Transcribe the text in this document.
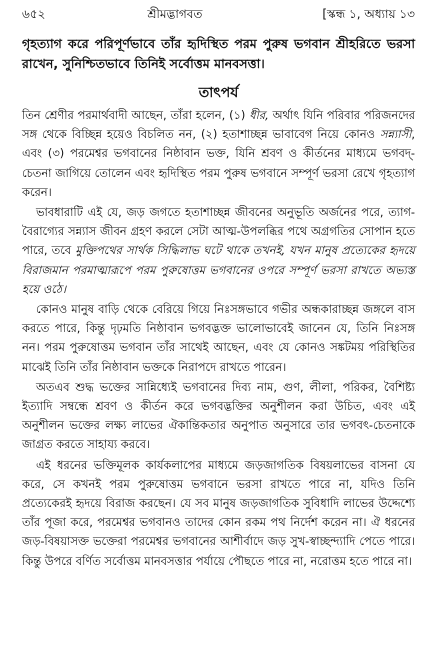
৬৫২	শ্রীমদ্ভাগবত	[স্কন্ধ ১, অধ্যায় ১৩
গৃহত্যাগ করে পরিপূর্ণভাবে তাঁর হৃদিস্থিত পরম পুরুষ ভগবান শ্রীহরিতে ভরসা রাখেন, সুনিশ্চিতভাবে তিনিই সর্বোত্তম মানবসত্তা।
তাৎপর্য

তিন শ্রেণীর পরমার্থবাদী আছেন, তাঁরা হলেন, (১) ধীর, অর্থাৎ যিনি পরিবার পরিজনদের সঙ্গ থেকে বিচ্ছিন্ন হয়েও বিচলিত নন, (২) হতাশাচ্ছন্ন ভাবাবেগ নিয়ে কোনও সন্ন্যাসী, এবং (৩) পরমেশ্বর ভগবানের নিষ্ঠাবান ভক্ত, যিনি শ্রবণ ও কীর্তনের মাধ্যমে ভগবদ্-চেতনা জাগিয়ে তোলেন এবং হৃদিস্থিত পরম পুরুষ ভগবানে সম্পূর্ণ ভরসা রেখে গৃহত্যাগ করেন।

ভাবধারাটি এই যে, জড় জগতে হতাশাচ্ছন্ন জীবনের অনুভূতি অর্জনের পরে, ত্যাগ-বৈরাগ্যের সন্ন্যাস জীবন গ্রহণ করলে সেটা আত্ম-উপলব্ধির পথে অগ্রগতির সোপান হতে পারে, তবে মুক্তিপথের সার্থক সিদ্ধিলাভ ঘটে থাকে তখনই, যখন মানুষ প্রত্যেকের হৃদয়ে বিরাজমান পরমাত্মারূপে পরম পুরুষোত্তম ভগবানের ওপরে সম্পূর্ণ ভরসা রাখতে অভ্যস্ত হয়ে ওঠে।

কোনও মানুষ বাড়ি থেকে বেরিয়ে গিয়ে নিঃসঙ্গভাবে গভীর অন্ধকারাচ্ছন্ন জঙ্গলে বাস করতে পারে, কিন্তু দৃঢ়মতি নিষ্ঠাবান ভগবদ্ভক্ত ভালোভাবেই জানেন যে, তিনি নিঃসঙ্গ নন। পরম পুরুষোত্তম ভগবান তাঁর সাথেই আছেন, এবং যে কোনও সঙ্কটময় পরিস্থিতির মাঝেই তিনি তাঁর নিষ্ঠাবান ভক্তকে নিরাপদে রাখতে পারেন।

অতএব শুদ্ধ ভক্তের সান্নিধ্যেই ভগবানের দিব্য নাম, গুণ, লীলা, পরিকর, বৈশিষ্ট্য ইত্যাদি সম্বন্ধে শ্রবণ ও কীর্তন করে ভগবদ্ভক্তির অনুশীলন করা উচিত, এবং এই অনুশীলন ভক্তের লক্ষ্য লাভের ঐকান্তিকতার অনুপাত অনুসারে তার ভগবৎ-চেতনাকে জাগ্রত করতে সাহায্য করবে।

এই ধরনের ভক্তিমূলক কার্যকলাপের মাধ্যমে জড়জাগতিক বিষয়লাভের বাসনা যে করে, সে কখনই পরম পুরুষোত্তম ভগবানে ভরসা রাখতে পারে না, যদিও তিনি প্রত্যেকেরই হৃদয়ে বিরাজ করছেন। যে সব মানুষ জড়জাগতিক সুবিধাদি লাভের উদ্দেশ্যে তাঁর পূজা করে, পরমেশ্বর ভগবানও তাদের কোন রকম পথ নির্দেশ করেন না। ঐ ধরনের জড়-বিষয়াসক্ত ভক্তেরা পরমেশ্বর ভগবানের আশীর্বাদে জড় সুখ-স্বাচ্ছন্দ্যাদি পেতে পারে। কিন্তু উপরে বর্ণিত সর্বোত্তম মানবসত্তার পর্যায়ে পৌছতে পারে না, নরোত্তম হতে পারে না।
